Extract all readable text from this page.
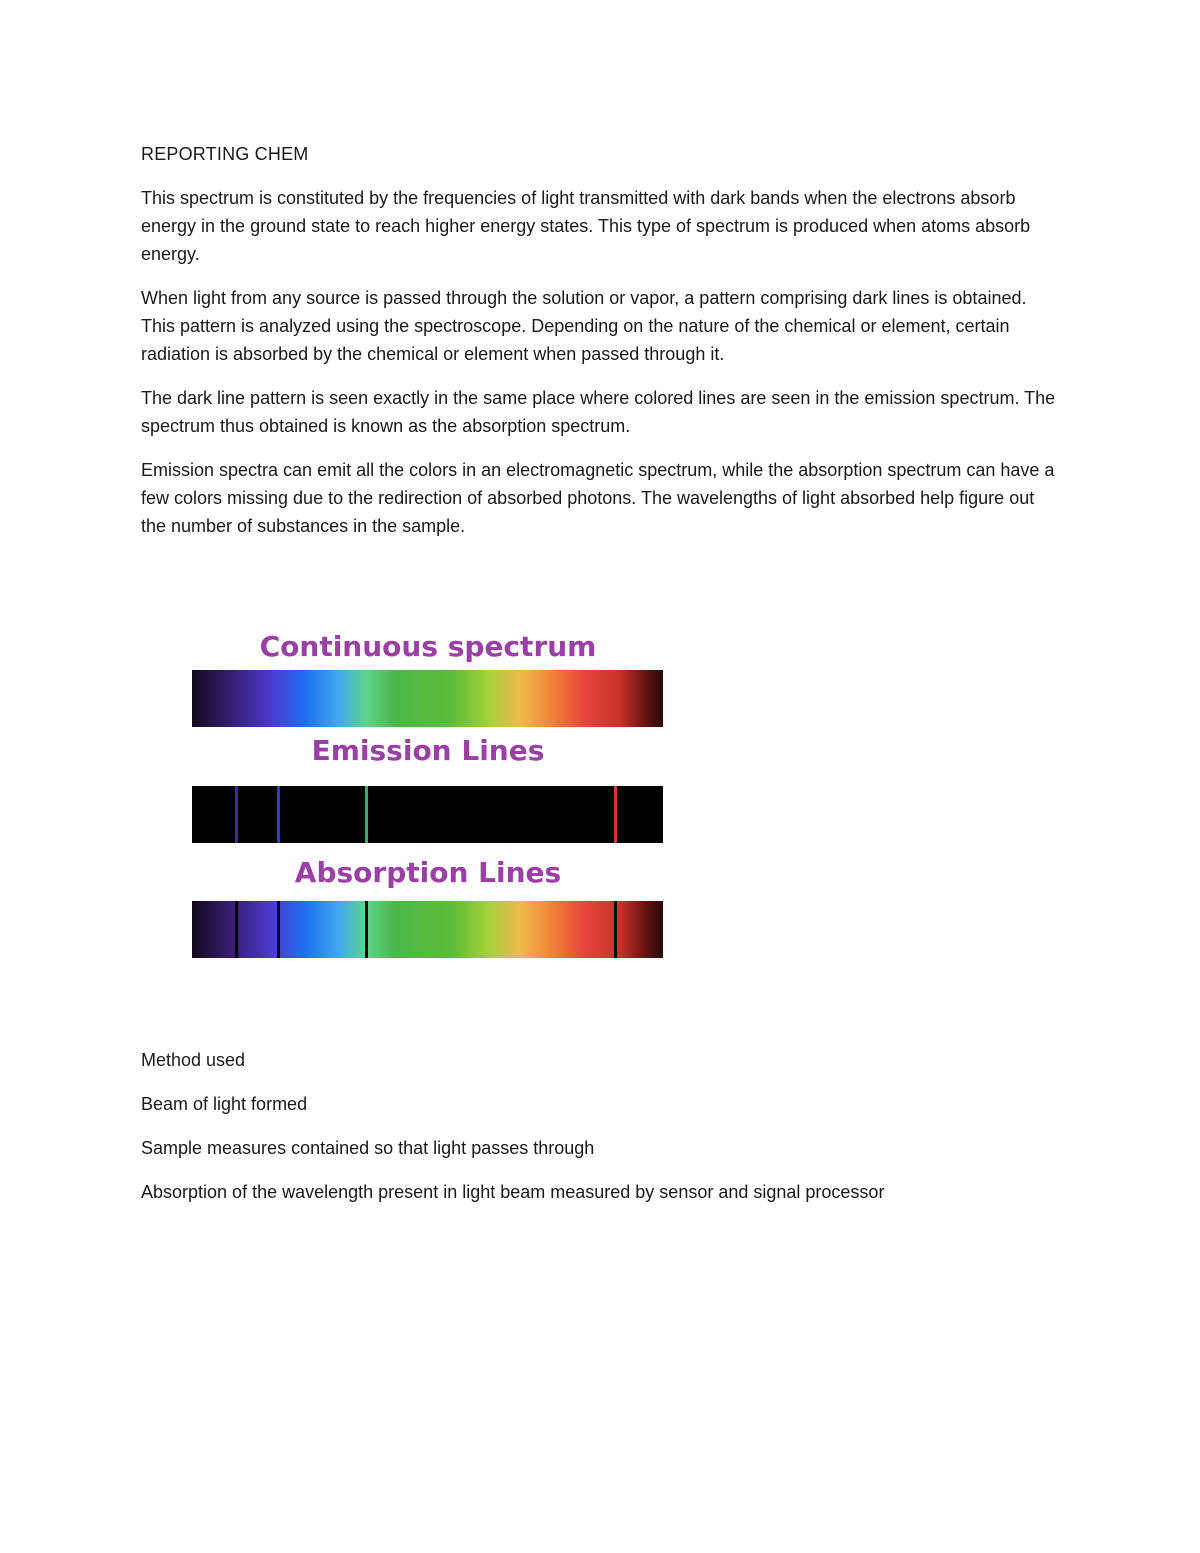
REPORTING CHEM

This spectrum is constituted by the frequencies of light transmitted with dark bands when the electrons absorb energy in the ground state to reach higher energy states. This type of spectrum is produced when atoms absorb energy.

When light from any source is passed through the solution or vapor, a pattern comprising dark lines is obtained. This pattern is analyzed using the spectroscope. Depending on the nature of the chemical or element, certain radiation is absorbed by the chemical or element when passed through it.

The dark line pattern is seen exactly in the same place where colored lines are seen in the emission spectrum. The spectrum thus obtained is known as the absorption spectrum.

Emission spectra can emit all the colors in an electromagnetic spectrum, while the absorption spectrum can have a few colors missing due to the redirection of absorbed photons. The wavelengths of light absorbed help figure out the number of substances in the sample.

Continuous spectrum
Emission Lines
Absorption Lines

Method used

Beam of light formed

Sample measures contained so that light passes through

Absorption of the wavelength present in light beam measured by sensor and signal processor
